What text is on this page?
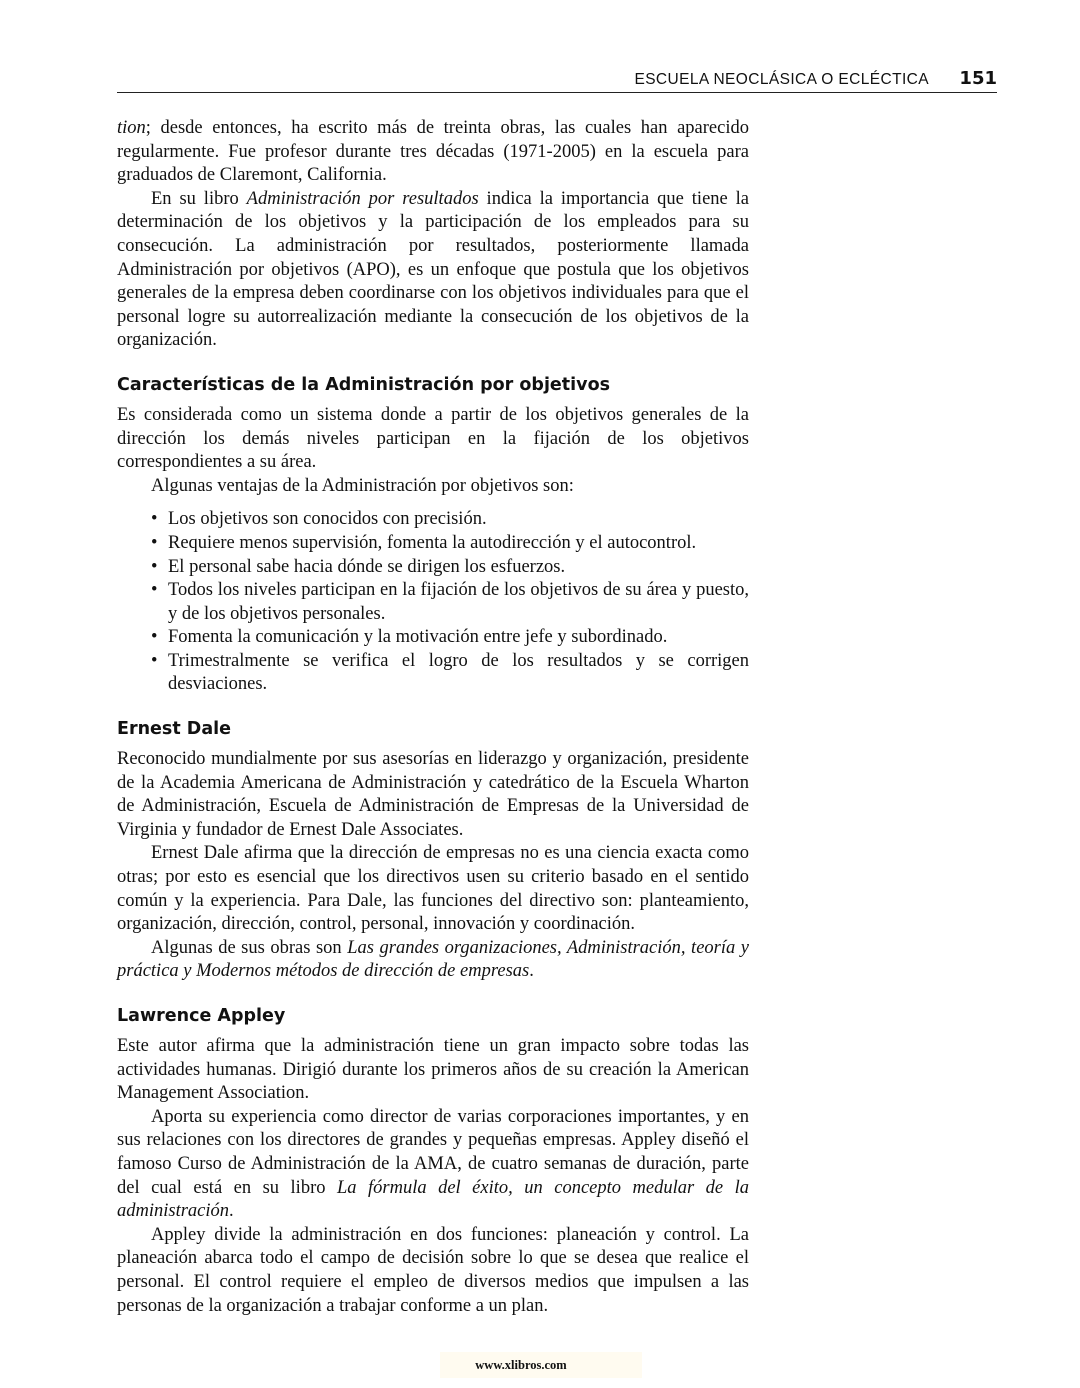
ESCUELA NEOCLÁSICA O ECLÉCTICA 151

tion; desde entonces, ha escrito más de treinta obras, las cuales han aparecido regularmente. Fue profesor durante tres décadas (1971-2005) en la escuela para graduados de Claremont, California.

En su libro Administración por resultados indica la importancia que tiene la determinación de los objetivos y la participación de los empleados para su consecución. La administración por resultados, posteriormente llamada Administración por objetivos (APO), es un enfoque que postula que los objetivos generales de la empresa deben coordinarse con los objetivos individuales para que el personal logre su autorrealización mediante la consecución de los objetivos de la organización.

Características de la Administración por objetivos

Es considerada como un sistema donde a partir de los objetivos generales de la dirección los demás niveles participan en la fijación de los objetivos correspondientes a su área.

Algunas ventajas de la Administración por objetivos son:

• Los objetivos son conocidos con precisión.
• Requiere menos supervisión, fomenta la autodirección y el autocontrol.
• El personal sabe hacia dónde se dirigen los esfuerzos.
• Todos los niveles participan en la fijación de los objetivos de su área y puesto, y de los objetivos personales.
• Fomenta la comunicación y la motivación entre jefe y subordinado.
• Trimestralmente se verifica el logro de los resultados y se corrigen desviaciones.
Ernest Dale

Reconocido mundialmente por sus asesorías en liderazgo y organización, presidente de la Academia Americana de Administración y catedrático de la Escuela Wharton de Administración, Escuela de Administración de Empresas de la Universidad de Virginia y fundador de Ernest Dale Associates.

Ernest Dale afirma que la dirección de empresas no es una ciencia exacta como otras; por esto es esencial que los directivos usen su criterio basado en el sentido común y la experiencia. Para Dale, las funciones del directivo son: planteamiento, organización, dirección, control, personal, innovación y coordinación.

Algunas de sus obras son Las grandes organizaciones, Administración, teoría y práctica y Modernos métodos de dirección de empresas.

Lawrence Appley

Este autor afirma que la administración tiene un gran impacto sobre todas las actividades humanas. Dirigió durante los primeros años de su creación la American Management Association.

Aporta su experiencia como director de varias corporaciones importantes, y en sus relaciones con los directores de grandes y pequeñas empresas. Appley diseñó el famoso Curso de Administración de la AMA, de cuatro semanas de duración, parte del cual está en su libro La fórmula del éxito, un concepto medular de la administración.

Appley divide la administración en dos funciones: planeación y control. La planeación abarca todo el campo de decisión sobre lo que se desea que realice el personal. El control requiere el empleo de diversos medios que impulsen a las personas de la organización a trabajar conforme a un plan.

www.xlibros.com
